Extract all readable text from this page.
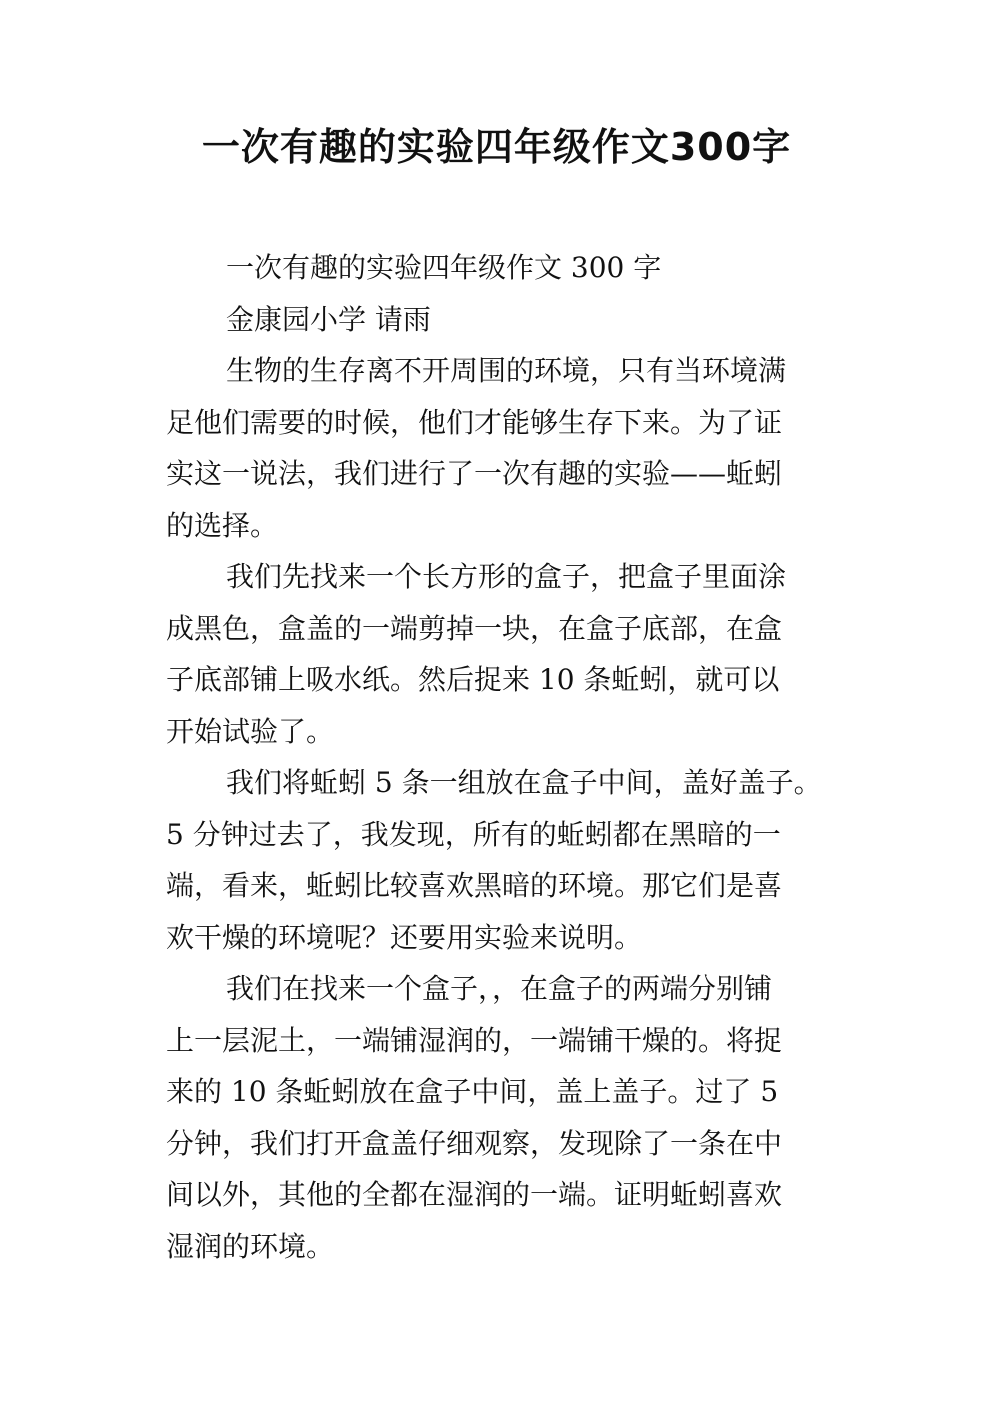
一次有趣的实验四年级作文300字
一次有趣的实验四年级作文 300 字
金康园小学 请雨
生物的生存离不开周围的环境，只有当环境满
足他们需要的时候，他们才能够生存下来。为了证
实这一说法，我们进行了一次有趣的实验——蚯蚓
的选择。
我们先找来一个长方形的盒子，把盒子里面涂
成黑色，盒盖的一端剪掉一块，在盒子底部，在盒
子底部铺上吸水纸。然后捉来 10 条蚯蚓，就可以
开始试验了。
我们将蚯蚓 5 条一组放在盒子中间，盖好盖子。
5 分钟过去了，我发现，所有的蚯蚓都在黑暗的一
端，看来，蚯蚓比较喜欢黑暗的环境。那它们是喜
欢干燥的环境呢？还要用实验来说明。
我们在找来一个盒子，，在盒子的两端分别铺
上一层泥土，一端铺湿润的，一端铺干燥的。将捉
来的 10 条蚯蚓放在盒子中间，盖上盖子。过了 5
分钟，我们打开盒盖仔细观察，发现除了一条在中
间以外，其他的全都在湿润的一端。证明蚯蚓喜欢
湿润的环境。
